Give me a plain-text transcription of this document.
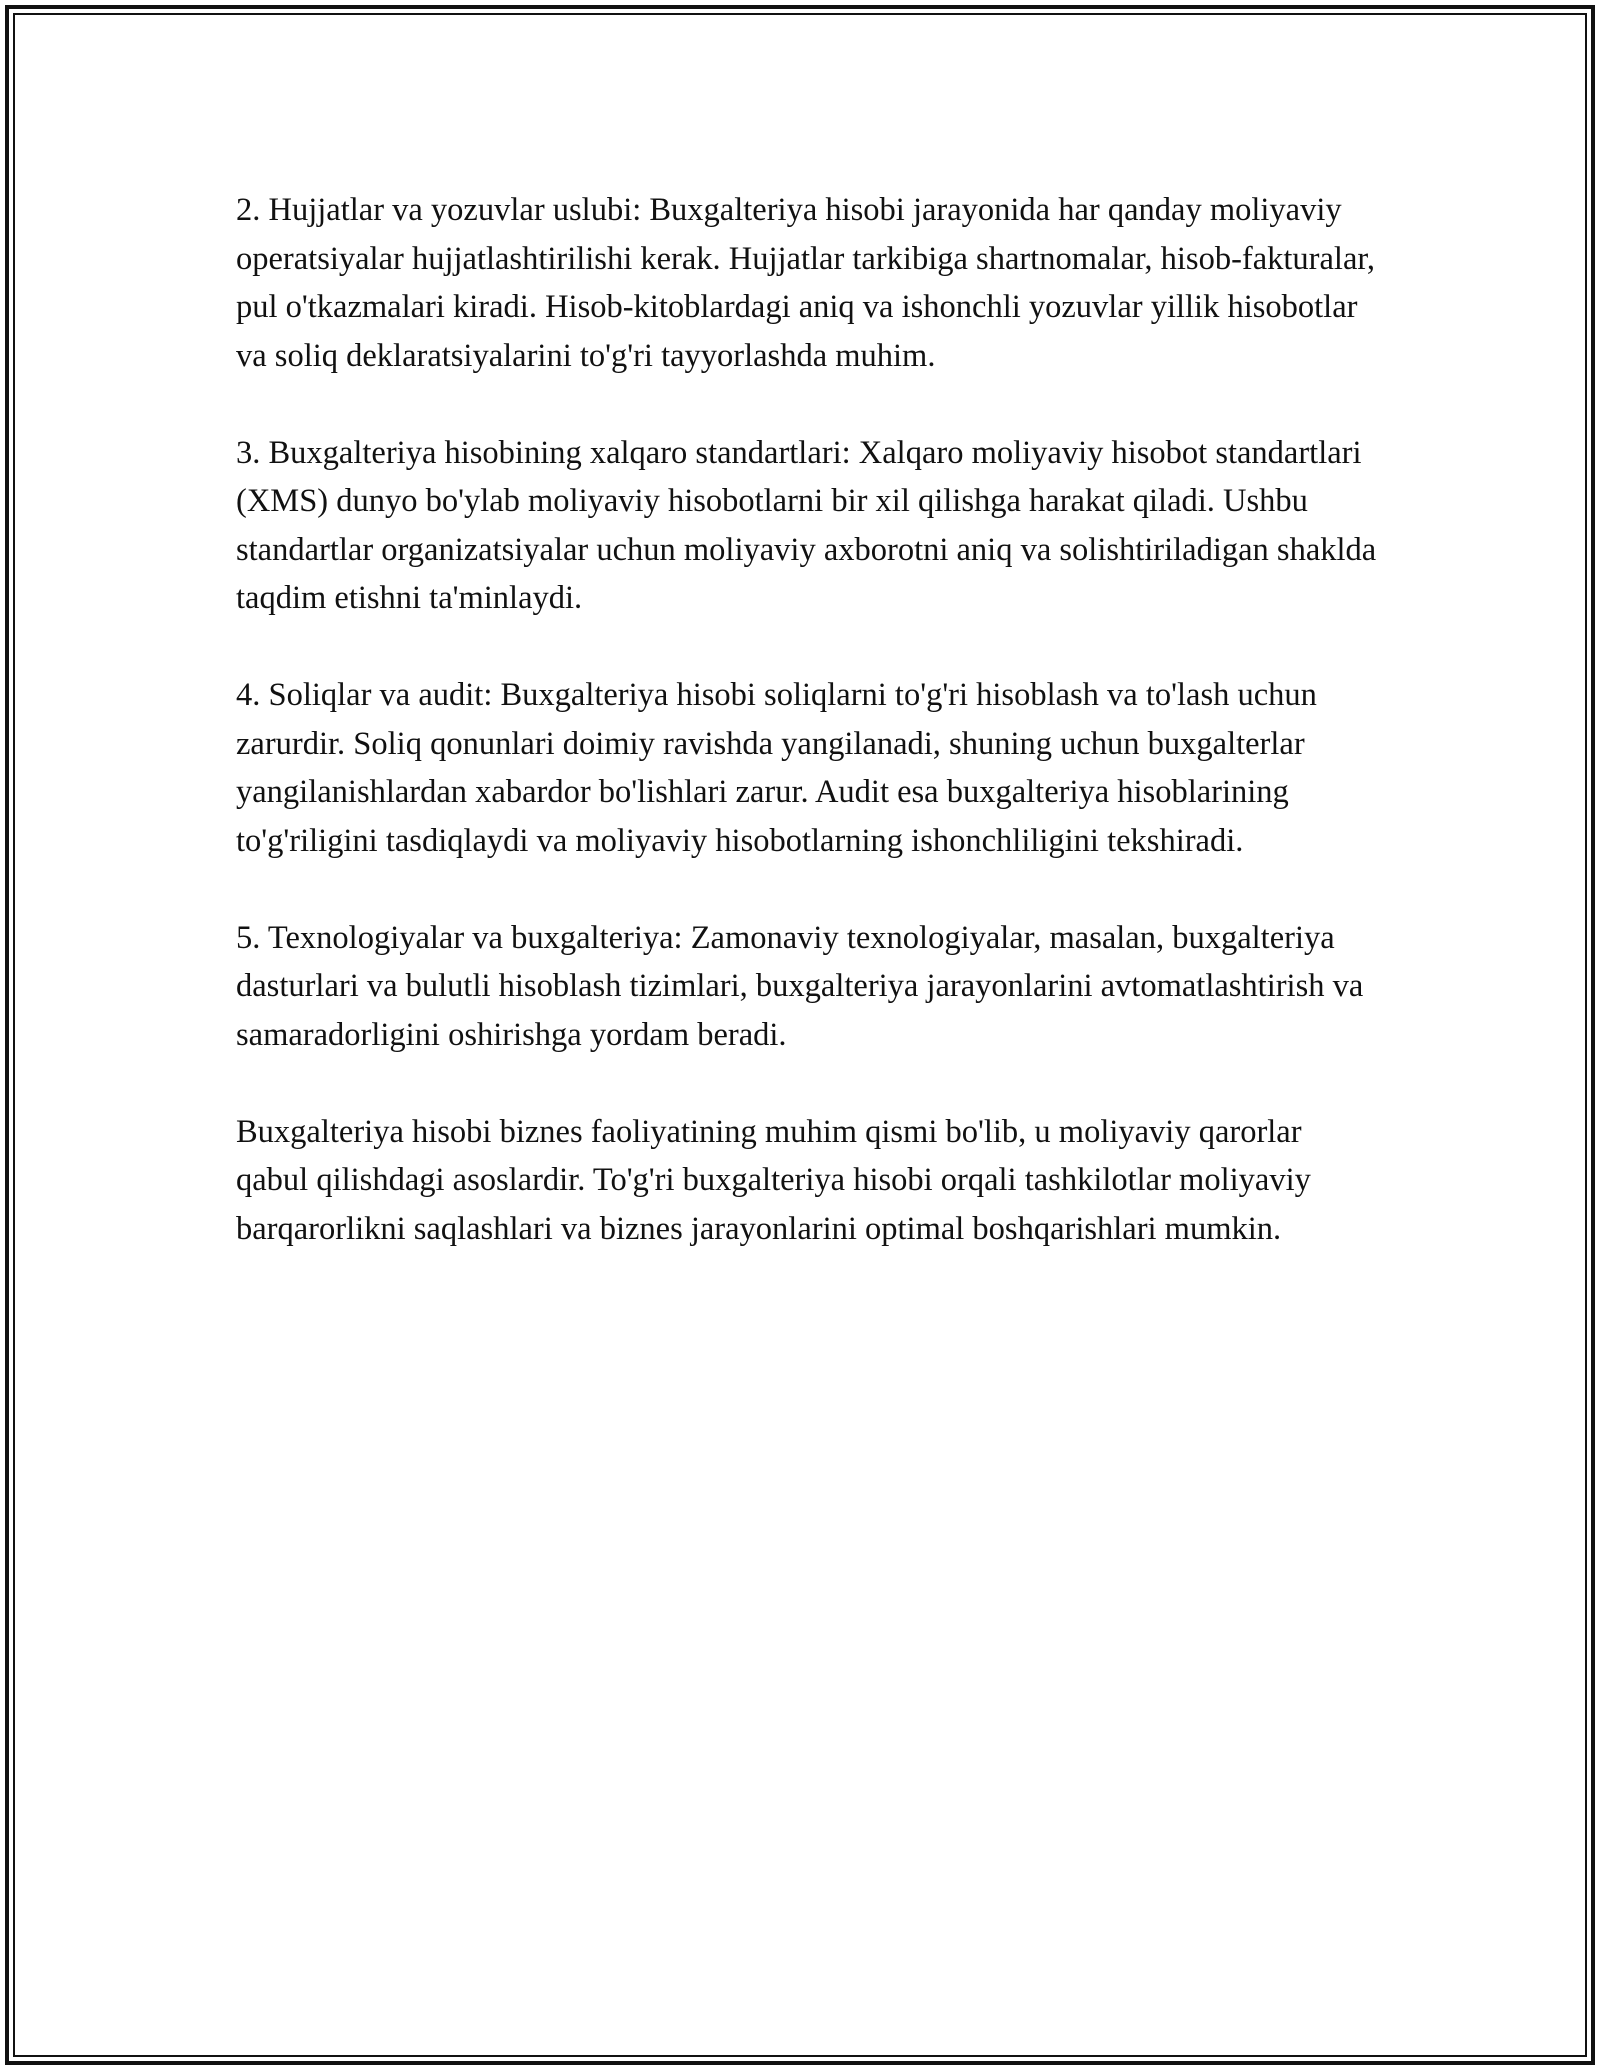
2. Hujjatlar va yozuvlar uslubi: Buxgalteriya hisobi jarayonida har qanday moliyaviy operatsiyalar hujjatlashtirilishi kerak. Hujjatlar tarkibiga shartnomalar, hisob-fakturalar, pul o'tkazmalari kiradi. Hisob-kitoblardagi aniq va ishonchli yozuvlar yillik hisobotlar va soliq deklaratsiyalarini to'g'ri tayyorlashda muhim.

3. Buxgalteriya hisobining xalqaro standartlari: Xalqaro moliyaviy hisobot standartlari (XMS) dunyo bo'ylab moliyaviy hisobotlarni bir xil qilishga harakat qiladi. Ushbu standartlar organizatsiyalar uchun moliyaviy axborotni aniq va solishtiriladigan shaklda taqdim etishni ta'minlaydi.

4. Soliqlar va audit: Buxgalteriya hisobi soliqlarni to'g'ri hisoblash va to'lash uchun zarurdir. Soliq qonunlari doimiy ravishda yangilanadi, shuning uchun buxgalterlar yangilanishlardan xabardor bo'lishlari zarur. Audit esa buxgalteriya hisoblarining to'g'riligini tasdiqlaydi va moliyaviy hisobotlarning ishonchliligini tekshiradi.

5. Texnologiyalar va buxgalteriya: Zamonaviy texnologiyalar, masalan, buxgalteriya dasturlari va bulutli hisoblash tizimlari, buxgalteriya jarayonlarini avtomatlashtirish va samaradorligini oshirishga yordam beradi.

Buxgalteriya hisobi biznes faoliyatining muhim qismi bo'lib, u moliyaviy qarorlar qabul qilishdagi asoslardir. To'g'ri buxgalteriya hisobi orqali tashkilotlar moliyaviy barqarorlikni saqlashlari va biznes jarayonlarini optimal boshqarishlari mumkin.
